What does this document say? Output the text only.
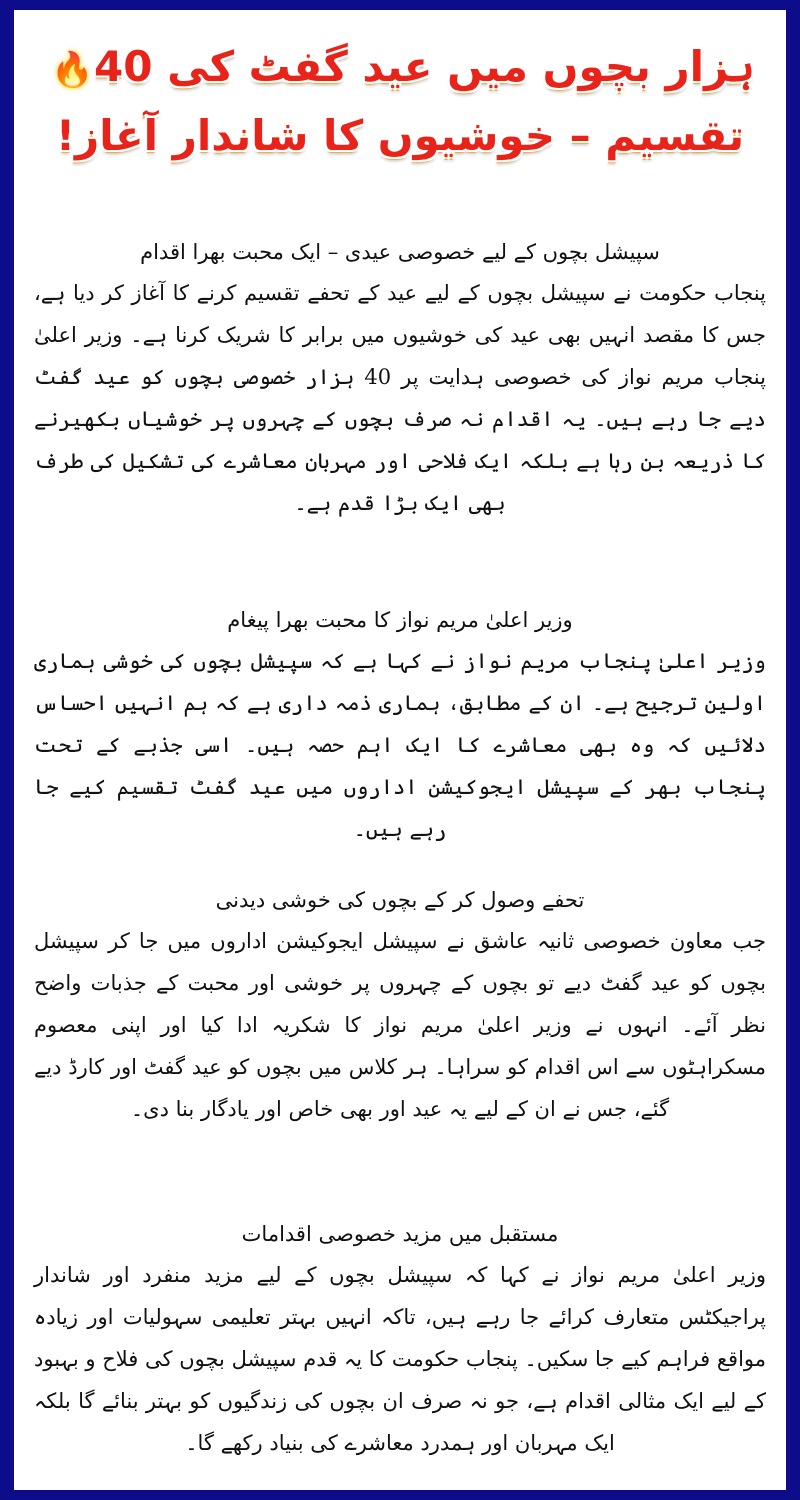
ہزار بچوں میں عید گفٹ کی 40🔥
تقسیم – خوشیوں کا شاندار آغاز!

سپیشل بچوں کے لیے خصوصی عیدی – ایک محبت بھرا اقدام

پنجاب حکومت نے سپیشل بچوں کے لیے عید کے تحفے تقسیم کرنے کا آغاز کر دیا ہے، جس کا مقصد انہیں بھی عید کی خوشیوں میں برابر کا شریک کرنا ہے۔ وزیر اعلیٰ پنجاب مریم نواز کی خصوصی ہدایت پر 40 ہزار خصوصی بچوں کو عید گفٹ دیے جا رہے ہیں۔ یہ اقدام نہ صرف بچوں کے چہروں پر خوشیاں بکھیرنے کا ذریعہ بن رہا ہے بلکہ ایک فلاحی اور مہربان معاشرے کی تشکیل کی طرف بھی ایک بڑا قدم ہے۔

وزیر اعلیٰ مریم نواز کا محبت بھرا پیغام

وزیر اعلیٰ پنجاب مریم نواز نے کہا ہے کہ سپیشل بچوں کی خوشی ہماری اولین ترجیح ہے۔ ان کے مطابق، ہماری ذمہ داری ہے کہ ہم انہیں احساس دلائیں کہ وہ بھی معاشرے کا ایک اہم حصہ ہیں۔ اسی جذبے کے تحت پنجاب بھر کے سپیشل ایجوکیشن اداروں میں عید گفٹ تقسیم کیے جا رہے ہیں۔

تحفے وصول کر کے بچوں کی خوشی دیدنی

جب معاون خصوصی ثانیہ عاشق نے سپیشل ایجوکیشن اداروں میں جا کر سپیشل بچوں کو عید گفٹ دیے تو بچوں کے چہروں پر خوشی اور محبت کے جذبات واضح نظر آئے۔ انہوں نے وزیر اعلیٰ مریم نواز کا شکریہ ادا کیا اور اپنی معصوم مسکراہٹوں سے اس اقدام کو سراہا۔ ہر کلاس میں بچوں کو عید گفٹ اور کارڈ دیے گئے، جس نے ان کے لیے یہ عید اور بھی خاص اور یادگار بنا دی۔

مستقبل میں مزید خصوصی اقدامات

وزیر اعلیٰ مریم نواز نے کہا کہ سپیشل بچوں کے لیے مزید منفرد اور شاندار پراجیکٹس متعارف کرائے جا رہے ہیں، تاکہ انہیں بہتر تعلیمی سہولیات اور زیادہ مواقع فراہم کیے جا سکیں۔ پنجاب حکومت کا یہ قدم سپیشل بچوں کی فلاح و بہبود کے لیے ایک مثالی اقدام ہے، جو نہ صرف ان بچوں کی زندگیوں کو بہتر بنائے گا بلکہ ایک مہربان اور ہمدرد معاشرے کی بنیاد رکھے گا۔
